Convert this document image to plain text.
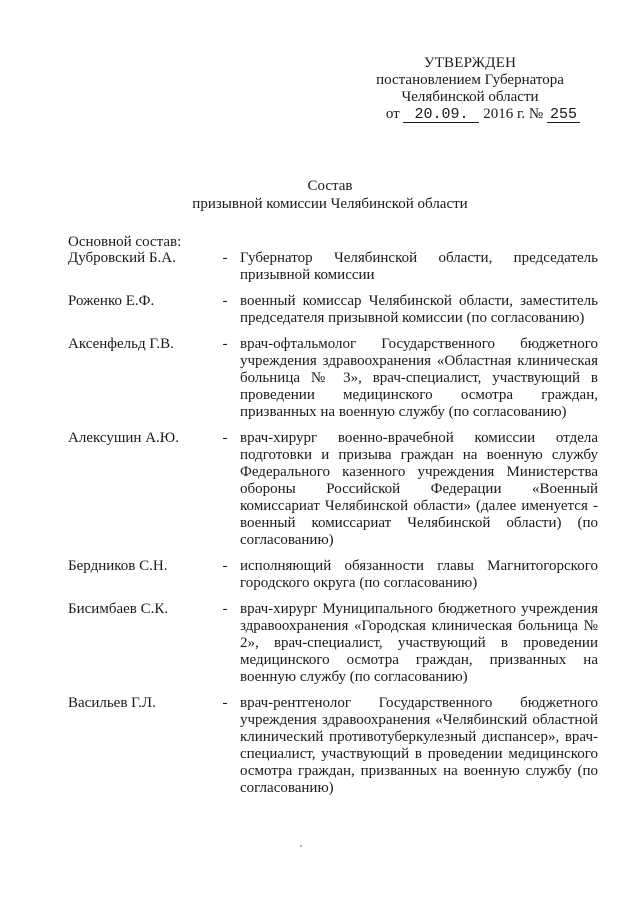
УТВЕРЖДЕН
постановлением Губернатора
Челябинской области
от 20.09. 2016 г. № 255
Состав
призывной комиссии Челябинской области
Основной состав:
Дубровский Б.А.	- Губернатор Челябинской области, председатель призывной комиссии
Роженко Е.Ф.	- военный комиссар Челябинской области, заместитель председателя призывной комиссии (по согласованию)
Аксенфельд Г.В.	- врач-офтальмолог Государственного бюджетного учреждения здравоохранения «Областная клиническая больница № 3», врач-специалист, участвующий в проведении медицинского осмотра граждан, призванных на военную службу (по согласованию)
Алексушин А.Ю.	- врач-хирург военно-врачебной комиссии отдела подготовки и призыва граждан на военную службу Федерального казенного учреждения Министерства обороны Российской Федерации «Военный комиссариат Челябинской области» (далее именуется - военный комиссариат Челябинской области) (по согласованию)
Бердников С.Н.	- исполняющий обязанности главы Магнитогорского городского округа (по согласованию)
Бисимбаев С.К.	- врач-хирург Муниципального бюджетного учреждения здравоохранения «Городская клиническая больница № 2», врач-специалист, участвующий в проведении медицинского осмотра граждан, призванных на военную службу (по согласованию)
Васильев Г.Л.	- врач-рентгенолог Государственного бюджетного учреждения здравоохранения «Челябинский областной клинический противотуберкулезный диспансер», врач-специалист, участвующий в проведении медицинского осмотра граждан, призванных на военную службу (по согласованию)
